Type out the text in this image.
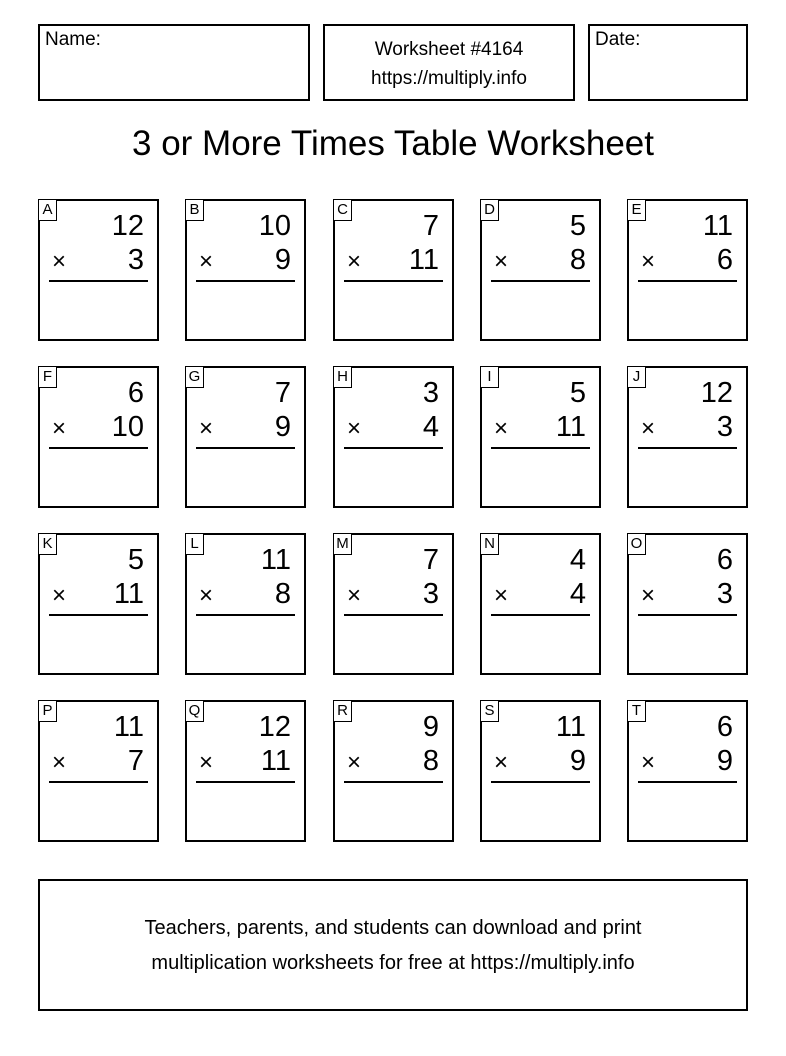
Name:	Worksheet #4164
https://multiply.info
Date:
3 or More Times Table Worksheet
A
12
× 3
B
10
× 9
C
7
× 11
D
5
× 8
E
11
× 6
F
6
× 10
G
7
× 9
H
3
× 4
I
5
× 11
J
12
× 3
K
5
× 11
L
11
× 8
M
7
× 3
N
4
× 4
O
6
× 3
P
11
× 7
Q
12
× 11
R
9
× 8
S
11
× 9
T
6
× 9
Teachers, parents, and students can download and print
multiplication worksheets for free at https://multiply.info
